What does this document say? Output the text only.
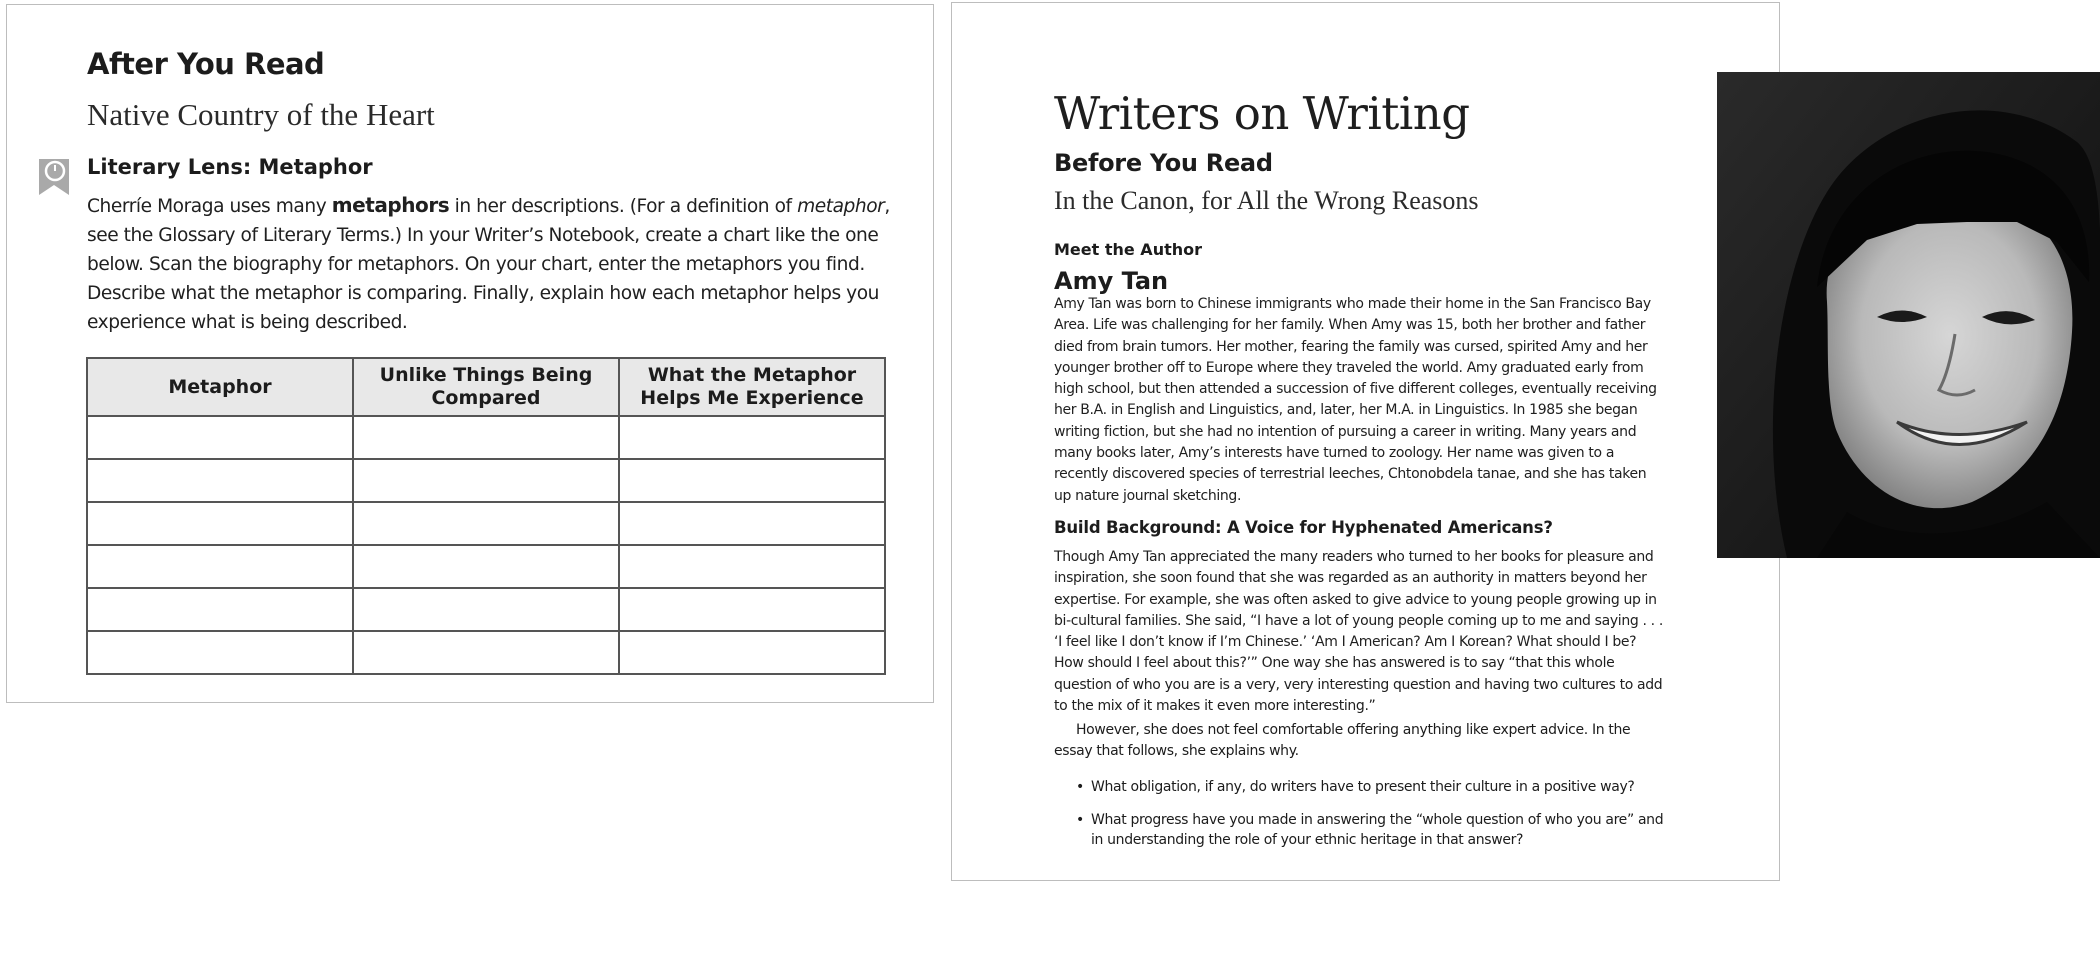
After You Read
Native Country of the Heart
Literary Lens: Metaphor

Cherríe Moraga uses many metaphors in her descriptions. (For a definition of metaphor, see the Glossary of Literary Terms.) In your Writer’s Notebook, create a chart like the one below. Scan the biography for metaphors. On your chart, enter the metaphors you find. Describe what the metaphor is comparing. Finally, explain how each metaphor helps you experience what is being described.

Metaphor	Unlike Things Being Compared	What the Metaphor Helps Me Experience

Writers on Writing
Before You Read
In the Canon, for All the Wrong Reasons
Meet the Author
Amy Tan

Amy Tan was born to Chinese immigrants who made their home in the San Francisco Bay Area. Life was challenging for her family. When Amy was 15, both her brother and father died from brain tumors. Her mother, fearing the family was cursed, spirited Amy and her younger brother off to Europe where they traveled the world. Amy graduated early from high school, but then attended a succession of five different colleges, eventually receiving her B.A. in English and Linguistics, and, later, her M.A. in Linguistics. In 1985 she began writing fiction, but she had no intention of pursuing a career in writing. Many years and many books later, Amy’s interests have turned to zoology. Her name was given to a recently discovered species of terrestrial leeches, Chtonobdela tanae, and she has taken up nature journal sketching.

Build Background: A Voice for Hyphenated Americans?

Though Amy Tan appreciated the many readers who turned to her books for pleasure and inspiration, she soon found that she was regarded as an authority in matters beyond her expertise. For example, she was often asked to give advice to young people growing up in bi-cultural families. She said, “I have a lot of young people coming up to me and saying . . . ‘I feel like I don’t know if I’m Chinese.’ ‘Am I American? Am I Korean? What should I be? How should I feel about this?’” One way she has answered is to say “that this whole question of who you are is a very, very interesting question and having two cultures to add to the mix of it makes it even more interesting.”

However, she does not feel comfortable offering anything like expert advice. In the essay that follows, she explains why.

• What obligation, if any, do writers have to present their culture in a positive way?
• What progress have you made in answering the “whole question of who you are” and in understanding the role of your ethnic heritage in that answer?
